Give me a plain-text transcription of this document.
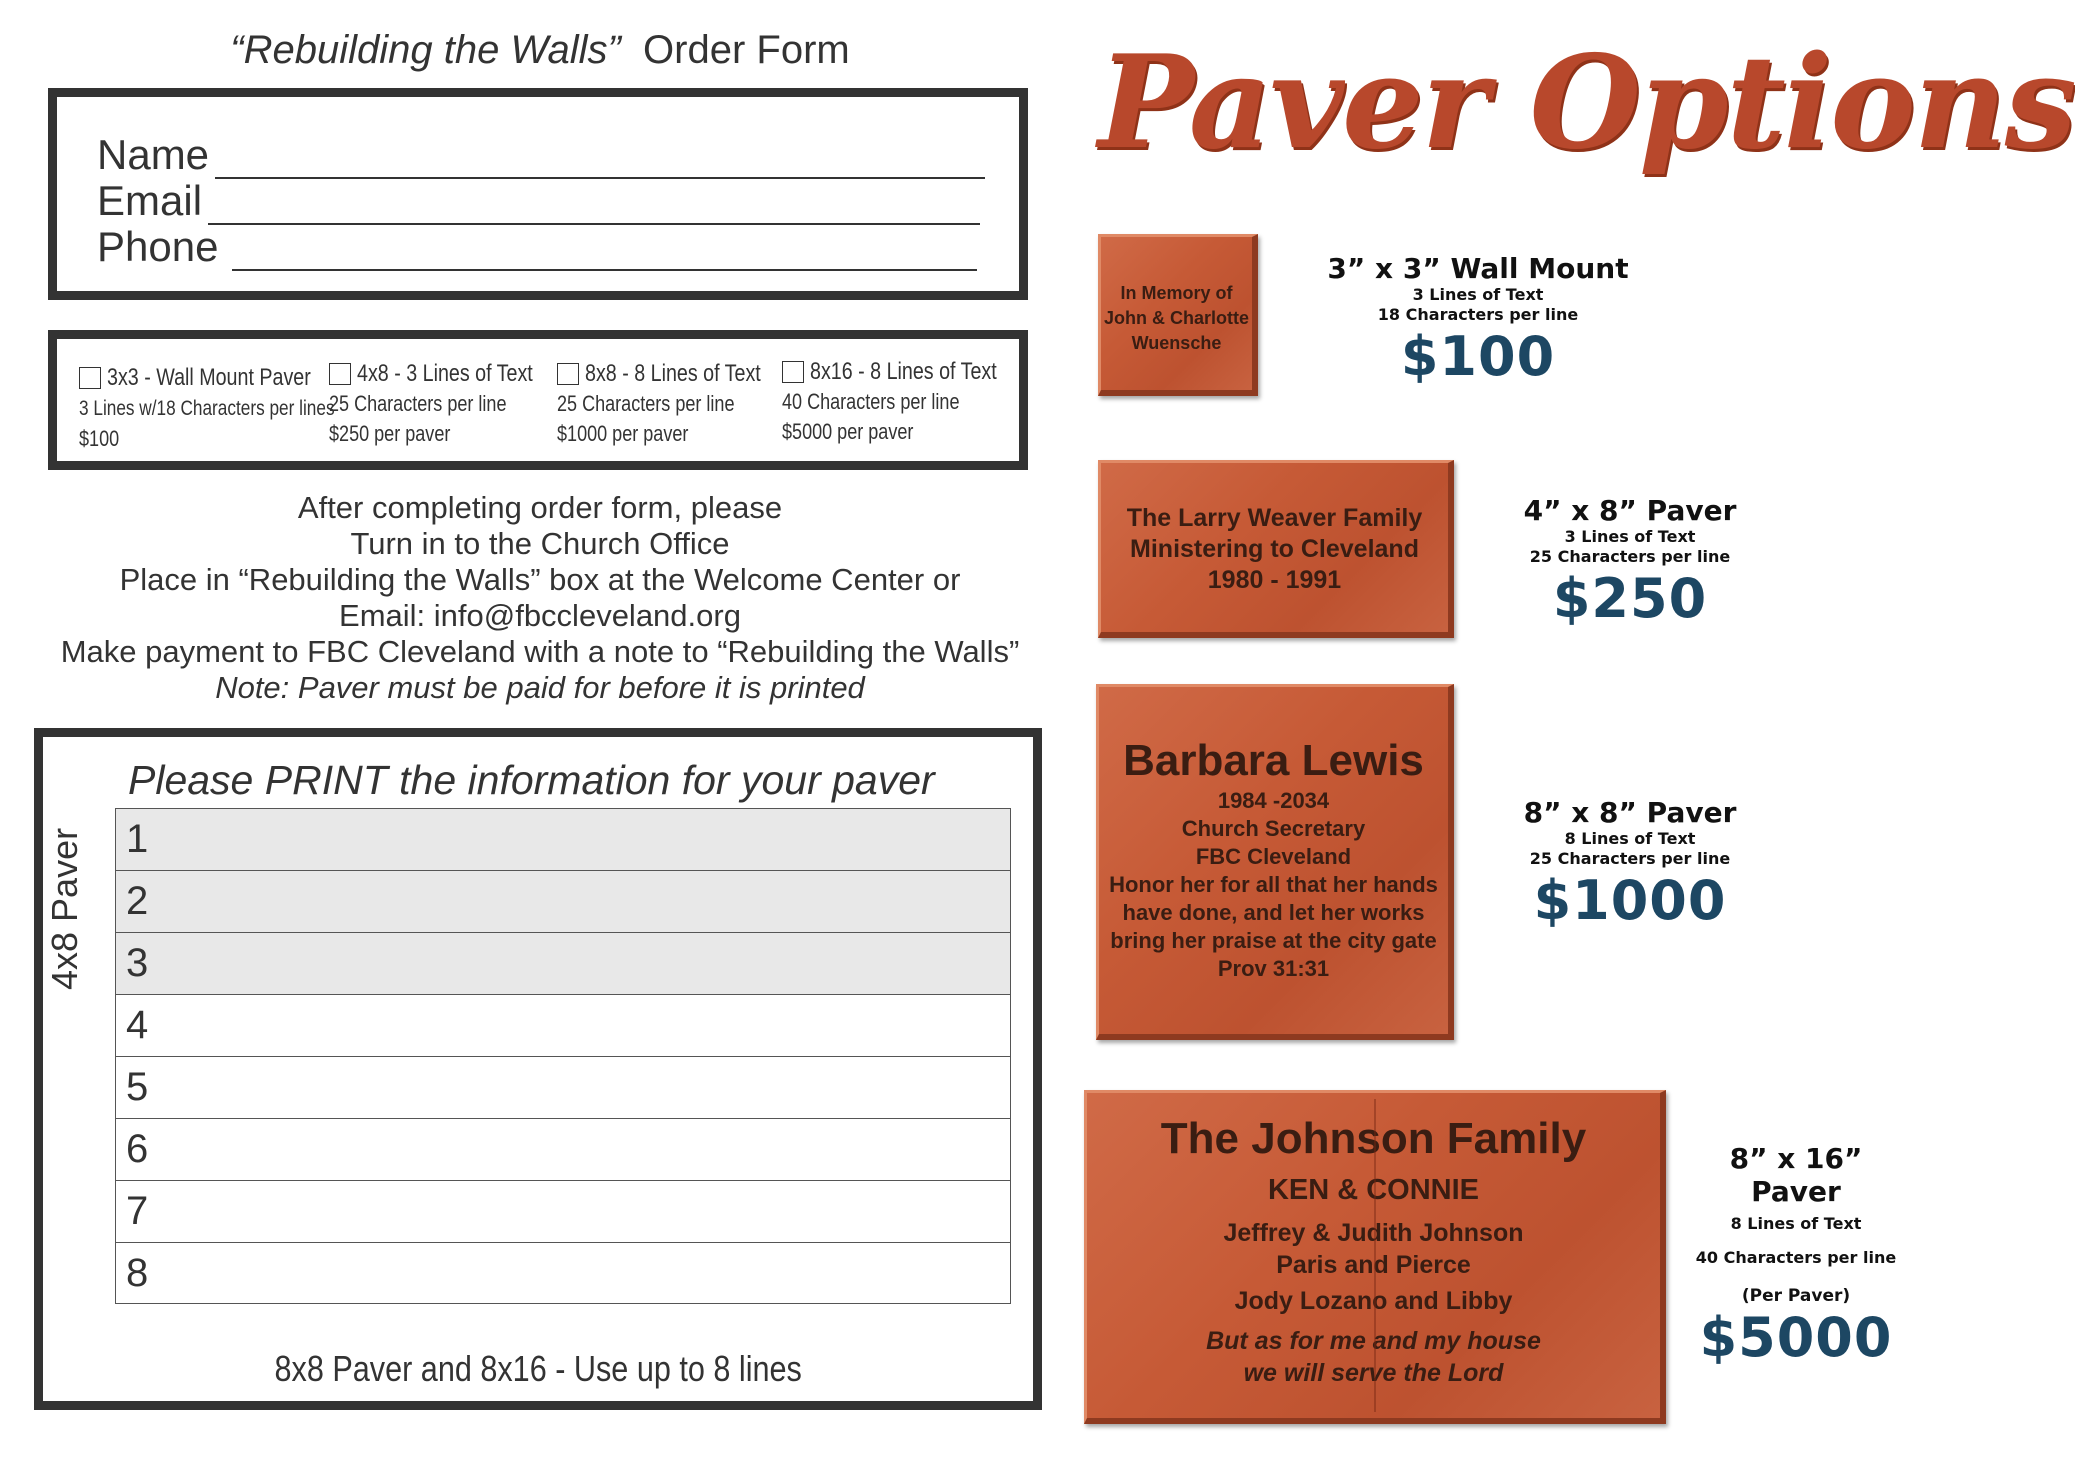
“Rebuilding the Walls” Order Form
Name
Email
Phone
3x3 - Wall Mount Paver
3 Lines w/18 Characters per lines
$100
4x8 - 3 Lines of Text
25 Characters per line
$250 per paver
8x8 - 8 Lines of Text
25 Characters per line
$1000 per paver
8x16 - 8 Lines of Text
40 Characters per line
$5000 per paver
After completing order form, please
Turn in to the Church Office
Place in “Rebuilding the Walls” box at the Welcome Center or
Email: info@fbccleveland.org
Make payment to FBC Cleveland with a note to “Rebuilding the Walls”
Note: Paver must be paid for before it is printed
Please PRINT the information for your paver
4x8 Paver 1
2
3
4
5
6
7
8
8x8 Paver and 8x16 - Use up to 8 lines
Paver Options
In Memory of
John & Charlotte
Wuensche
3” x 3” Wall Mount
3 Lines of Text
18 Characters per line
$100
The Larry Weaver Family
Ministering to Cleveland
1980 - 1991
4” x 8” Paver
3 Lines of Text
25 Characters per line
$250
Barbara Lewis
1984 -2034
Church Secretary
FBC Cleveland
Honor her for all that her hands
have done, and let her works
bring her praise at the city gate
Prov 31:31
8” x 8” Paver
8 Lines of Text
25 Characters per line
$1000
The Johnson Family
KEN & CONNIE
Jeffrey & Judith Johnson
Paris and Pierce
Jody Lozano and Libby
But as for me and my house
we will serve the Lord
8” x 16” Paver
8 Lines of Text
40 Characters per line
(Per Paver)
$5000
